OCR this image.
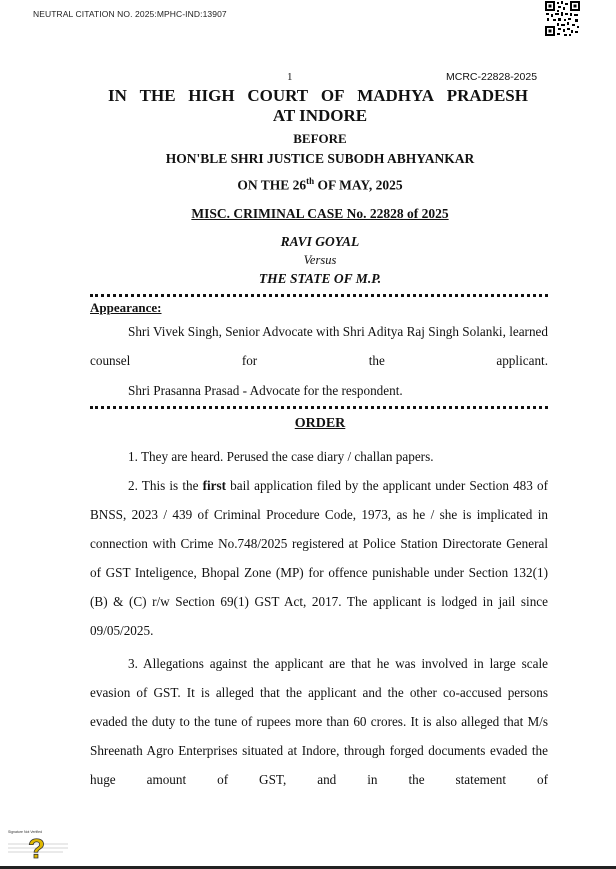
NEUTRAL CITATION NO. 2025:MPHC-IND:13907
1	MCRC-22828-2025
IN THE HIGH COURT OF MADHYA PRADESH
AT INDORE
BEFORE
HON'BLE SHRI JUSTICE SUBODH ABHYANKAR
ON THE 26th OF MAY, 2025
MISC. CRIMINAL CASE No. 22828 of 2025
RAVI GOYAL
Versus
THE STATE OF M.P.
Appearance:
Shri Vivek Singh, Senior Advocate with Shri Aditya Raj Singh Solanki, learned counsel for the applicant.
Shri Prasanna Prasad - Advocate for the respondent.
ORDER
1. They are heard. Perused the case diary / challan papers.
2. This is the first bail application filed by the applicant under Section 483 of BNSS, 2023 / 439 of Criminal Procedure Code, 1973, as he / she is implicated in connection with Crime No.748/2025 registered at Police Station Directorate General of GST Inteligence, Bhopal Zone (MP) for offence punishable under Section 132(1)(B) & (C) r/w Section 69(1) GST Act, 2017. The applicant is lodged in jail since 09/05/2025.
3. Allegations against the applicant are that he was involved in large scale evasion of GST. It is alleged that the applicant and the other co-accused persons evaded the duty to the tune of rupees more than 60 crores. It is also alleged that M/s Shreenath Agro Enterprises situated at Indore, through forged documents evaded the huge amount of GST, and in the statement of
Signature Not Verified
?
